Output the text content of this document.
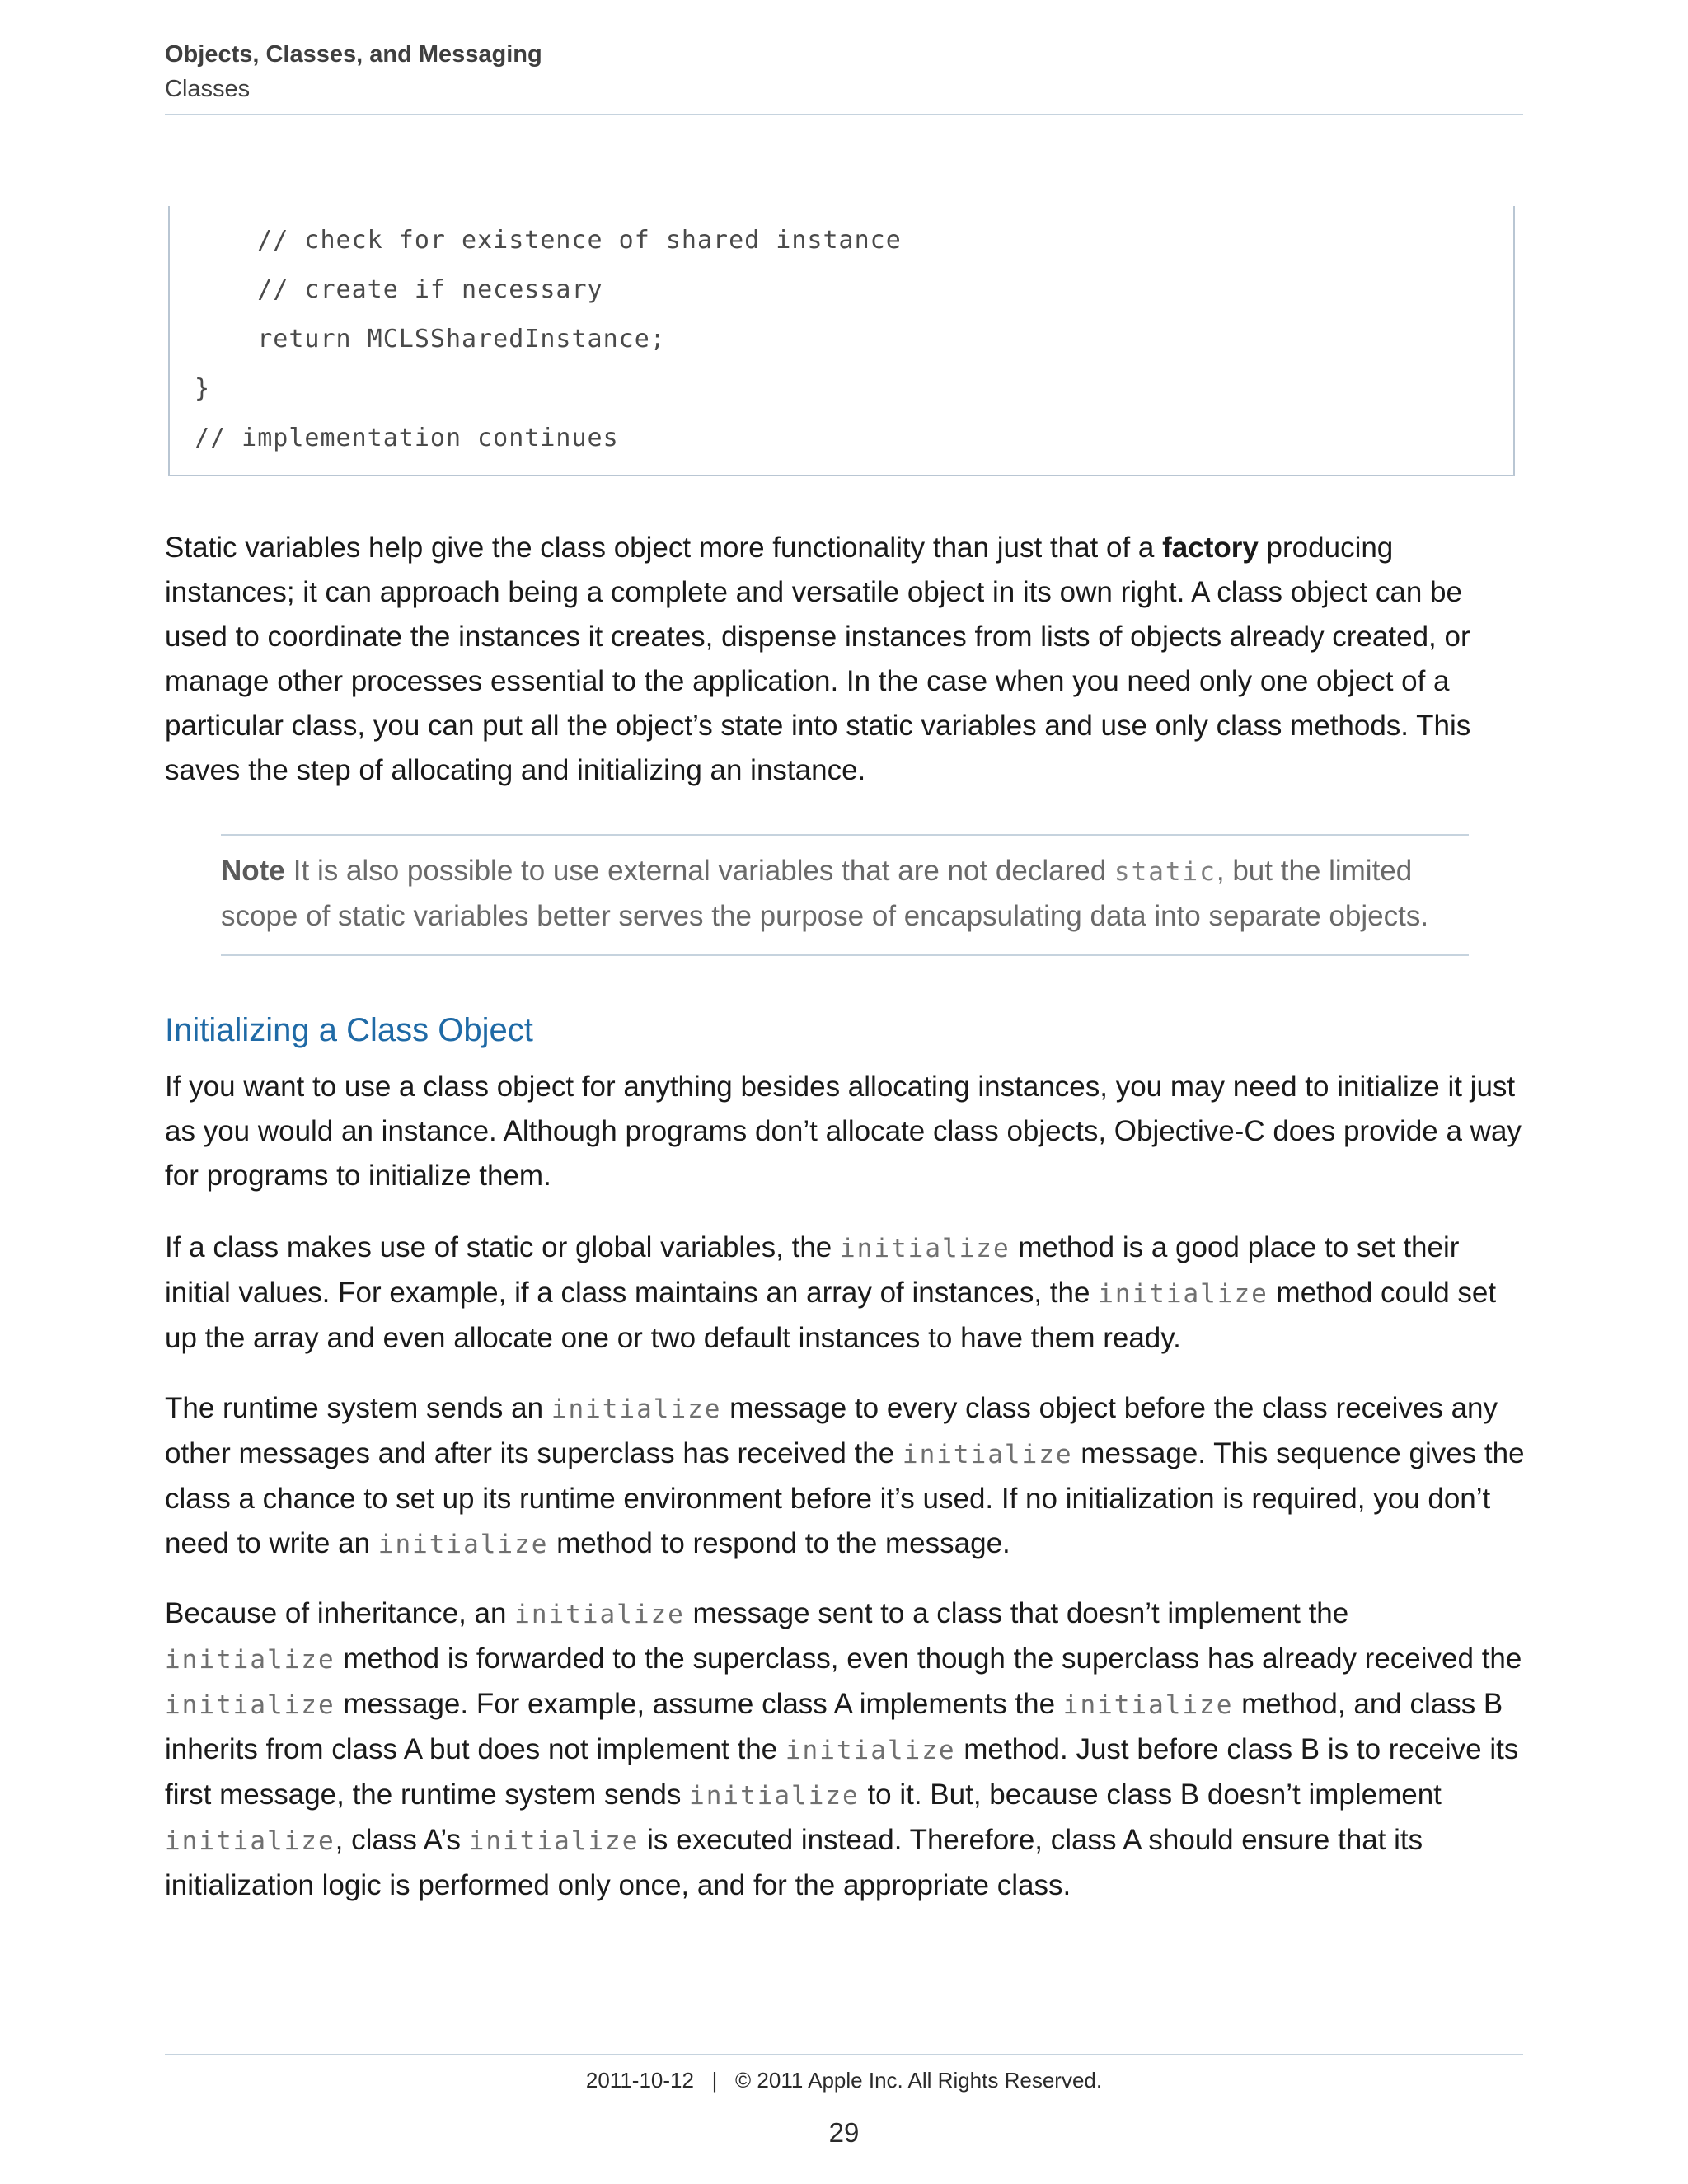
Objects, Classes, and Messaging
Classes
// check for existence of shared instance
// create if necessary
return MCLSSharedInstance;
}
// implementation continues
Static variables help give the class object more functionality than just that of a factory producing instances; it can approach being a complete and versatile object in its own right. A class object can be used to coordinate the instances it creates, dispense instances from lists of objects already created, or manage other processes essential to the application. In the case when you need only one object of a particular class, you can put all the object’s state into static variables and use only class methods. This saves the step of allocating and initializing an instance.
Note It is also possible to use external variables that are not declared static, but the limited scope of static variables better serves the purpose of encapsulating data into separate objects.
Initializing a Class Object
If you want to use a class object for anything besides allocating instances, you may need to initialize it just as you would an instance. Although programs don’t allocate class objects, Objective-C does provide a way for programs to initialize them.
If a class makes use of static or global variables, the initialize method is a good place to set their initial values. For example, if a class maintains an array of instances, the initialize method could set up the array and even allocate one or two default instances to have them ready.
The runtime system sends an initialize message to every class object before the class receives any other messages and after its superclass has received the initialize message. This sequence gives the class a chance to set up its runtime environment before it’s used. If no initialization is required, you don’t need to write an initialize method to respond to the message.
Because of inheritance, an initialize message sent to a class that doesn’t implement the initialize method is forwarded to the superclass, even though the superclass has already received the initialize message. For example, assume class A implements the initialize method, and class B inherits from class A but does not implement the initialize method. Just before class B is to receive its first message, the runtime system sends initialize to it. But, because class B doesn’t implement initialize, class A’s initialize is executed instead. Therefore, class A should ensure that its initialization logic is performed only once, and for the appropriate class.
2011-10-12   |   © 2011 Apple Inc. All Rights Reserved.
29
